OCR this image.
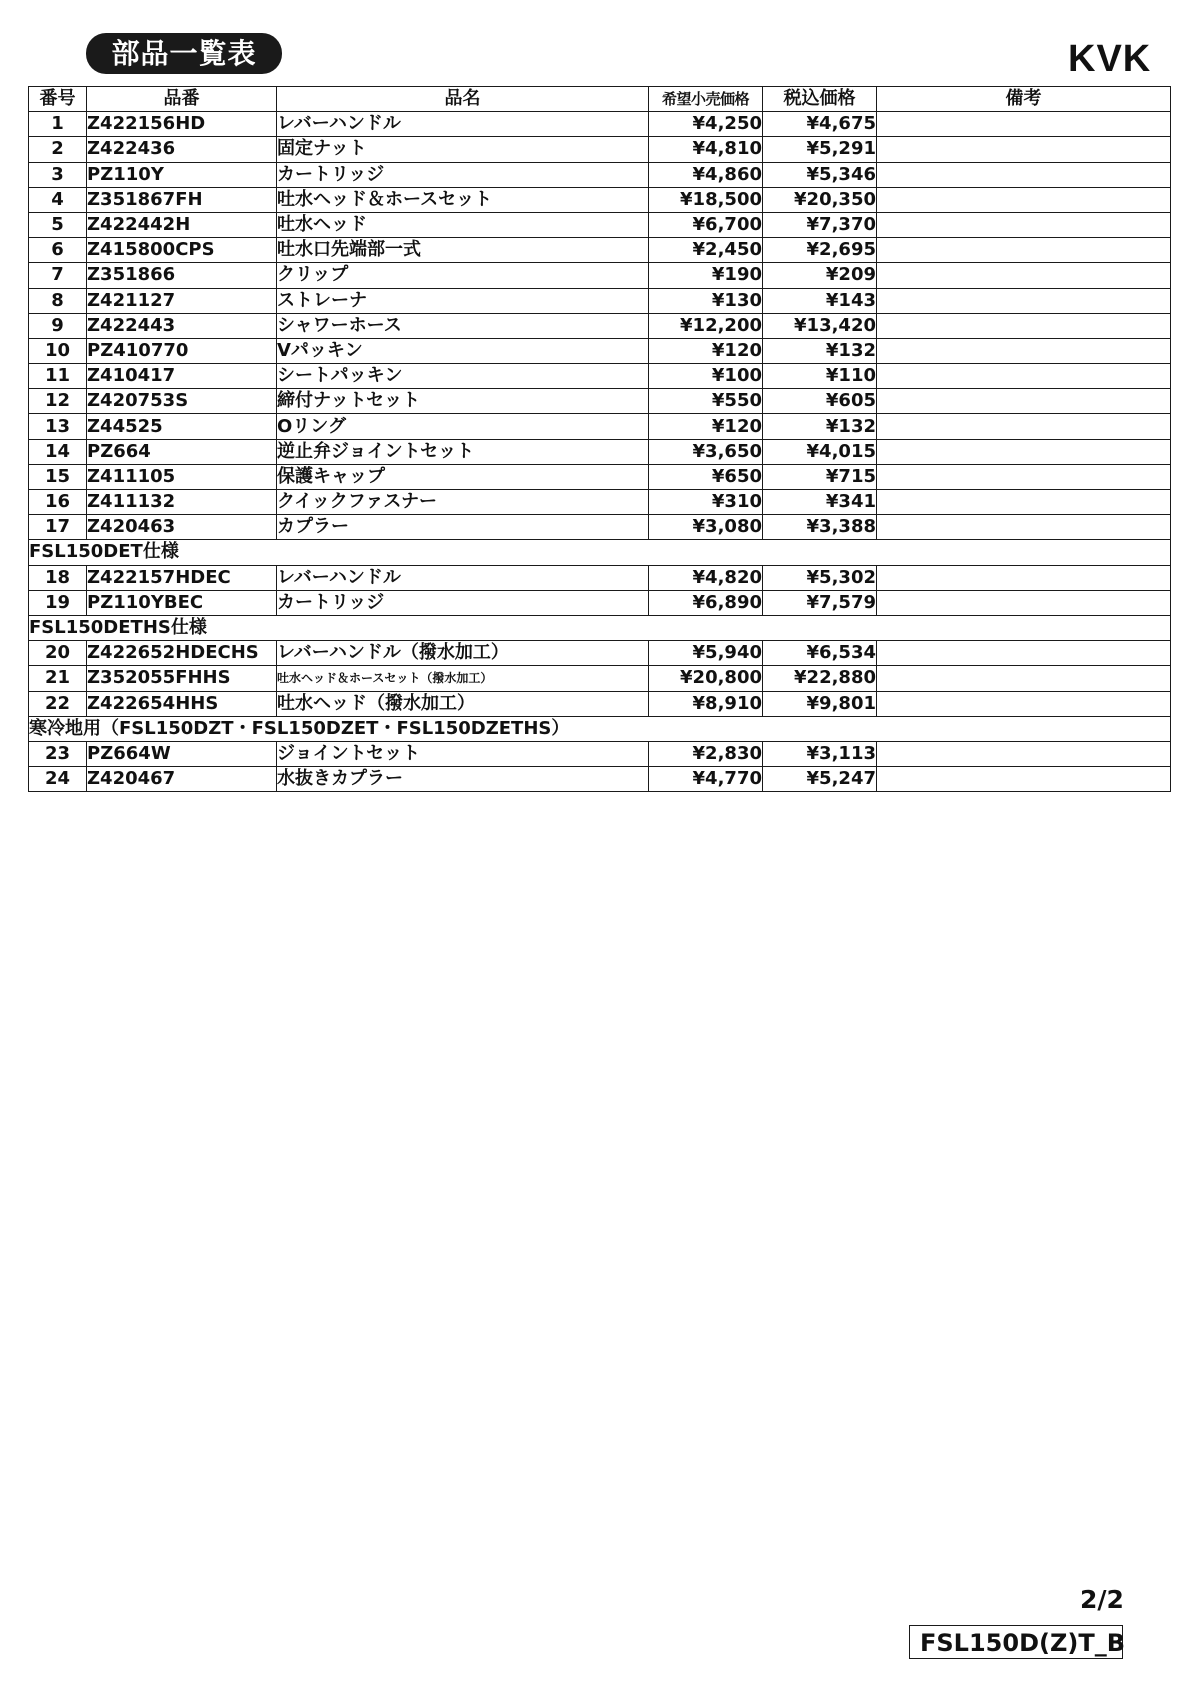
部品一覧表	KVK
番号	品番	品名	希望小売価格	税込価格	備考
1	Z422156HD	レバーハンドル	¥4,250	¥4,675	
2	Z422436	固定ナット	¥4,810	¥5,291	
3	PZ110Y	カートリッジ	¥4,860	¥5,346	
4	Z351867FH	吐水ヘッド＆ホースセット	¥18,500	¥20,350	
5	Z422442H	吐水ヘッド	¥6,700	¥7,370	
6	Z415800CPS	吐水口先端部一式	¥2,450	¥2,695	
7	Z351866	クリップ	¥190	¥209	
8	Z421127	ストレーナ	¥130	¥143	
9	Z422443	シャワーホース	¥12,200	¥13,420	
10	PZ410770	Vパッキン	¥120	¥132	
11	Z410417	シートパッキン	¥100	¥110	
12	Z420753S	締付ナットセット	¥550	¥605	
13	Z44525	Oリング	¥120	¥132	
14	PZ664	逆止弁ジョイントセット	¥3,650	¥4,015	
15	Z411105	保護キャップ	¥650	¥715	
16	Z411132	クイックファスナー	¥310	¥341	
17	Z420463	カプラー	¥3,080	¥3,388	
FSL150DET仕様					
18	Z422157HDEC	レバーハンドル	¥4,820	¥5,302	
19	PZ110YBEC	カートリッジ	¥6,890	¥7,579	
FSL150DETHS仕様					
20	Z422652HDECHS	レバーハンドル（撥水加工）	¥5,940	¥6,534	
21	Z352055FHHS	吐水ヘッド＆ホースセット（撥水加工）	¥20,800	¥22,880	
22	Z422654HHS	吐水ヘッド（撥水加工）	¥8,910	¥9,801	
寒冷地用（FSL150DZT・FSL150DZET・FSL150DZETHS）					
23	PZ664W	ジョイントセット	¥2,830	¥3,113	
24	Z420467	水抜きカプラー	¥4,770	¥5,247	
2/2
FSL150D(Z)T_B
